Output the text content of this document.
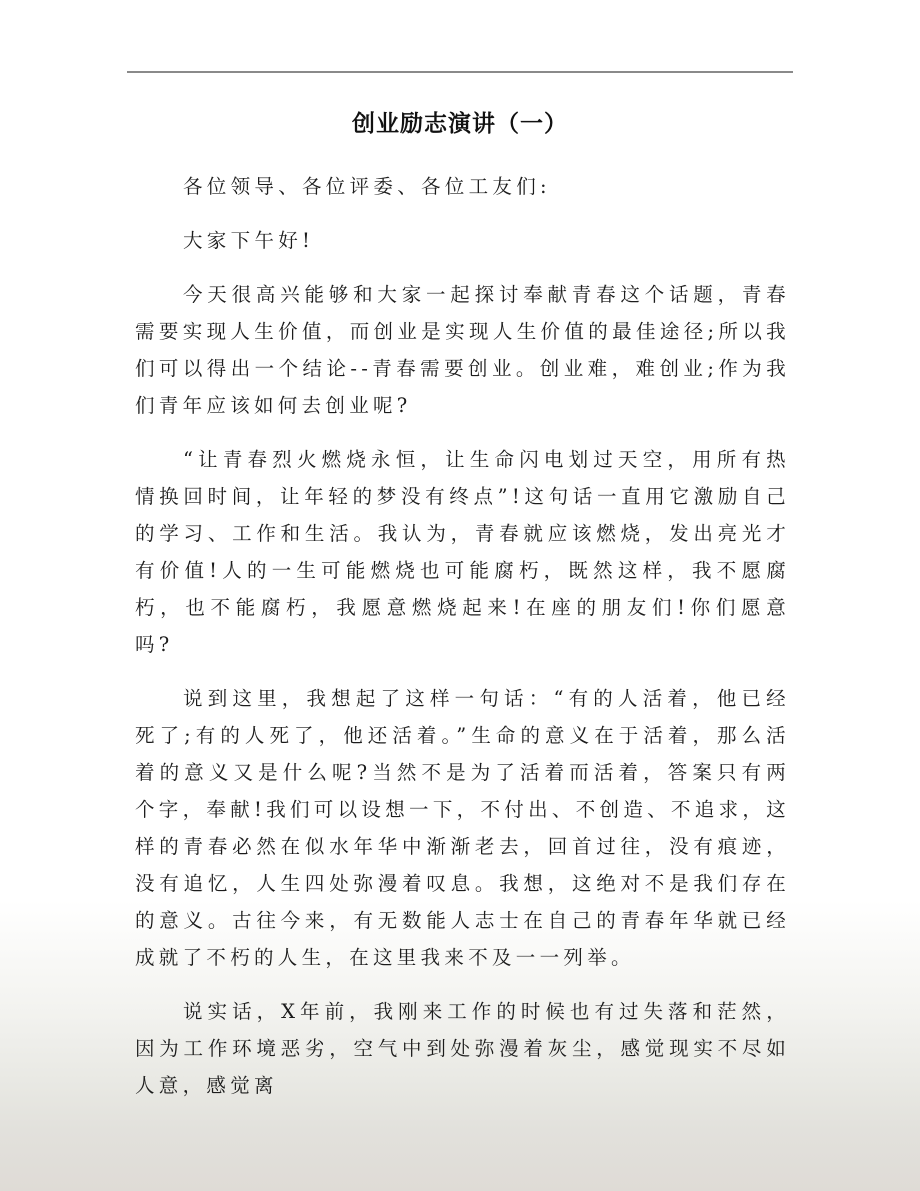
创业励志演讲（一）

各位领导、各位评委、各位工友们:

大家下午好!

今天很高兴能够和大家一起探讨奉献青春这个话题，青春需要实现人生价值，而创业是实现人生价值的最佳途径;所以我们可以得出一个结论--青春需要创业。创业难，难创业;作为我们青年应该如何去创业呢?

“让青春烈火燃烧永恒，让生命闪电划过天空，用所有热情换回时间，让年轻的梦没有终点”!这句话一直用它激励自己的学习、工作和生活。我认为，青春就应该燃烧，发出亮光才有价值!人的一生可能燃烧也可能腐朽，既然这样，我不愿腐朽，也不能腐朽，我愿意燃烧起来!在座的朋友们!你们愿意吗?

说到这里，我想起了这样一句话：“有的人活着，他已经死了;有的人死了，他还活着。”生命的意义在于活着，那么活着的意义又是什么呢?当然不是为了活着而活着，答案只有两个字，奉献!我们可以设想一下，不付出、不创造、不追求，这样的青春必然在似水年华中渐渐老去，回首过往，没有痕迹，没有追忆，人生四处弥漫着叹息。我想，这绝对不是我们存在的意义。古往今来，有无数能人志士在自己的青春年华就已经成就了不朽的人生，在这里我来不及一一列举。

说实话，X年前，我刚来工作的时候也有过失落和茫然，因为工作环境恶劣，空气中到处弥漫着灰尘，感觉现实不尽如人意，感觉离
